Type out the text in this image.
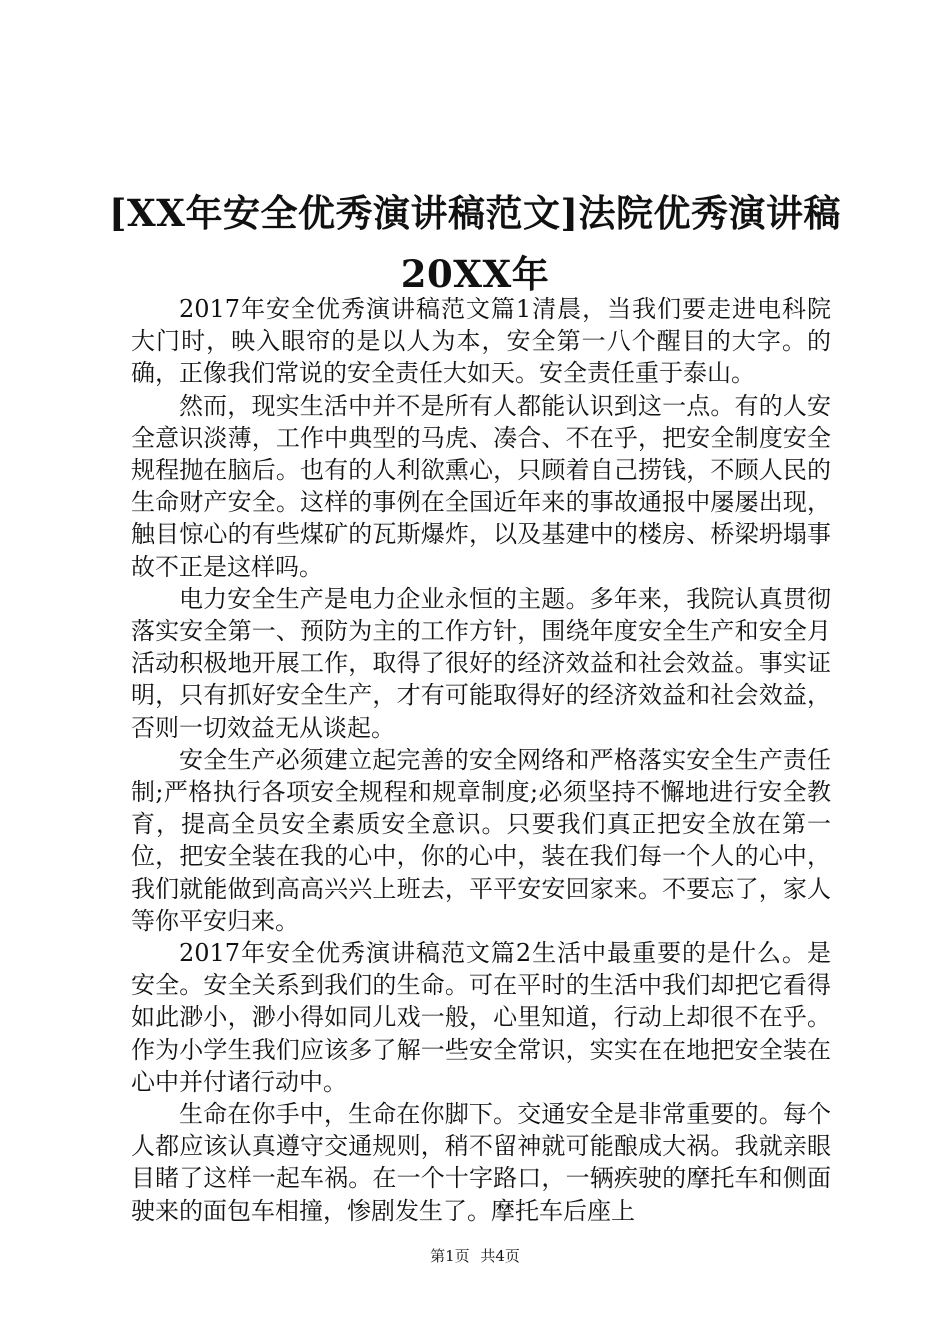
[XX年安全优秀演讲稿范文]法院优秀演讲稿
20XX年

2017年安全优秀演讲稿范文篇1清晨，当我们要走进电科院大门时，映入眼帘的是以人为本，安全第一八个醒目的大字。的确，正像我们常说的安全责任大如天。安全责任重于泰山。

然而，现实生活中并不是所有人都能认识到这一点。有的人安全意识淡薄，工作中典型的马虎、凑合、不在乎，把安全制度安全规程抛在脑后。也有的人利欲熏心，只顾着自己捞钱，不顾人民的生命财产安全。这样的事例在全国近年来的事故通报中屡屡出现，触目惊心的有些煤矿的瓦斯爆炸，以及基建中的楼房、桥梁坍塌事故不正是这样吗。

电力安全生产是电力企业永恒的主题。多年来，我院认真贯彻落实安全第一、预防为主的工作方针，围绕年度安全生产和安全月活动积极地开展工作，取得了很好的经济效益和社会效益。事实证明，只有抓好安全生产，才有可能取得好的经济效益和社会效益，否则一切效益无从谈起。

安全生产必须建立起完善的安全网络和严格落实安全生产责任制;严格执行各项安全规程和规章制度;必须坚持不懈地进行安全教育，提高全员安全素质安全意识。只要我们真正把安全放在第一位，把安全装在我的心中，你的心中，装在我们每一个人的心中，我们就能做到高高兴兴上班去，平平安安回家来。不要忘了，家人等你平安归来。

2017年安全优秀演讲稿范文篇2生活中最重要的是什么。是安全。安全关系到我们的生命。可在平时的生活中我们却把它看得如此渺小，渺小得如同儿戏一般，心里知道，行动上却很不在乎。作为小学生我们应该多了解一些安全常识，实实在在地把安全装在心中并付诸行动中。

生命在你手中，生命在你脚下。交通安全是非常重要的。每个人都应该认真遵守交通规则，稍不留神就可能酿成大祸。我就亲眼目睹了这样一起车祸。在一个十字路口，一辆疾驶的摩托车和侧面驶来的面包车相撞，惨剧发生了。摩托车后座上

第1页 共4页
